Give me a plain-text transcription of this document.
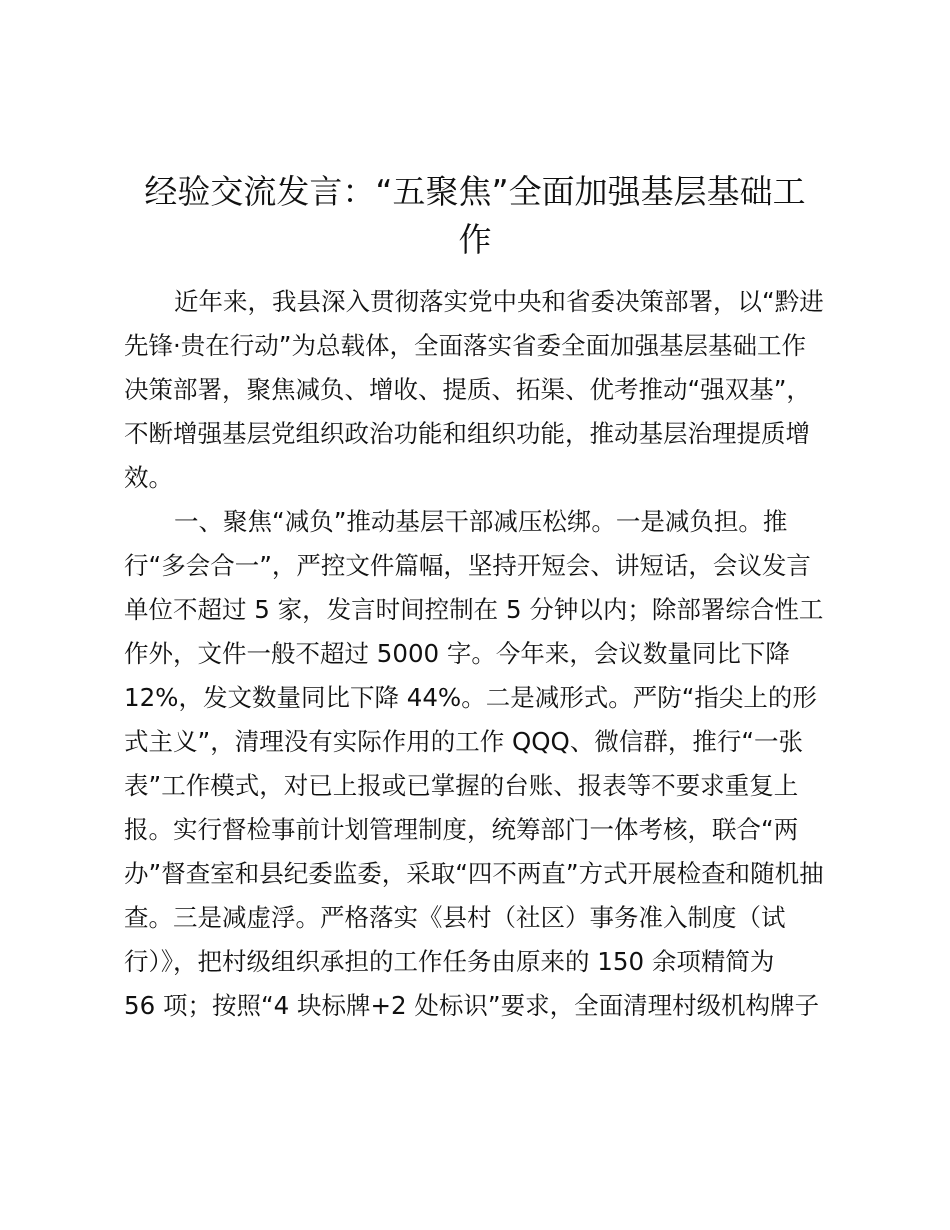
经验交流发言：“五聚焦”全面加强基层基础工
作
近年来，我县深入贯彻落实党中央和省委决策部署，以“黔进
先锋·贵在行动”为总载体，全面落实省委全面加强基层基础工作
决策部署，聚焦减负、增收、提质、拓渠、优考推动“强双基”，
不断增强基层党组织政治功能和组织功能，推动基层治理提质增
效。
一、聚焦“减负”推动基层干部减压松绑。一是减负担。推
行“多会合一”，严控文件篇幅，坚持开短会、讲短话，会议发言
单位不超过 5 家，发言时间控制在 5 分钟以内；除部署综合性工
作外，文件一般不超过 5000 字。今年来，会议数量同比下降
12%，发文数量同比下降 44%。二是减形式。严防“指尖上的形
式主义”，清理没有实际作用的工作 QQQ、微信群，推行“一张
表”工作模式，对已上报或已掌握的台账、报表等不要求重复上
报。实行督检事前计划管理制度，统筹部门一体考核，联合“两
办”督查室和县纪委监委，采取“四不两直”方式开展检查和随机抽
查。三是减虚浮。严格落实《县村（社区）事务准入制度（试
行）》，把村级组织承担的工作任务由原来的 150 余项精简为
56 项；按照“4 块标牌+2 处标识”要求，全面清理村级机构牌子
